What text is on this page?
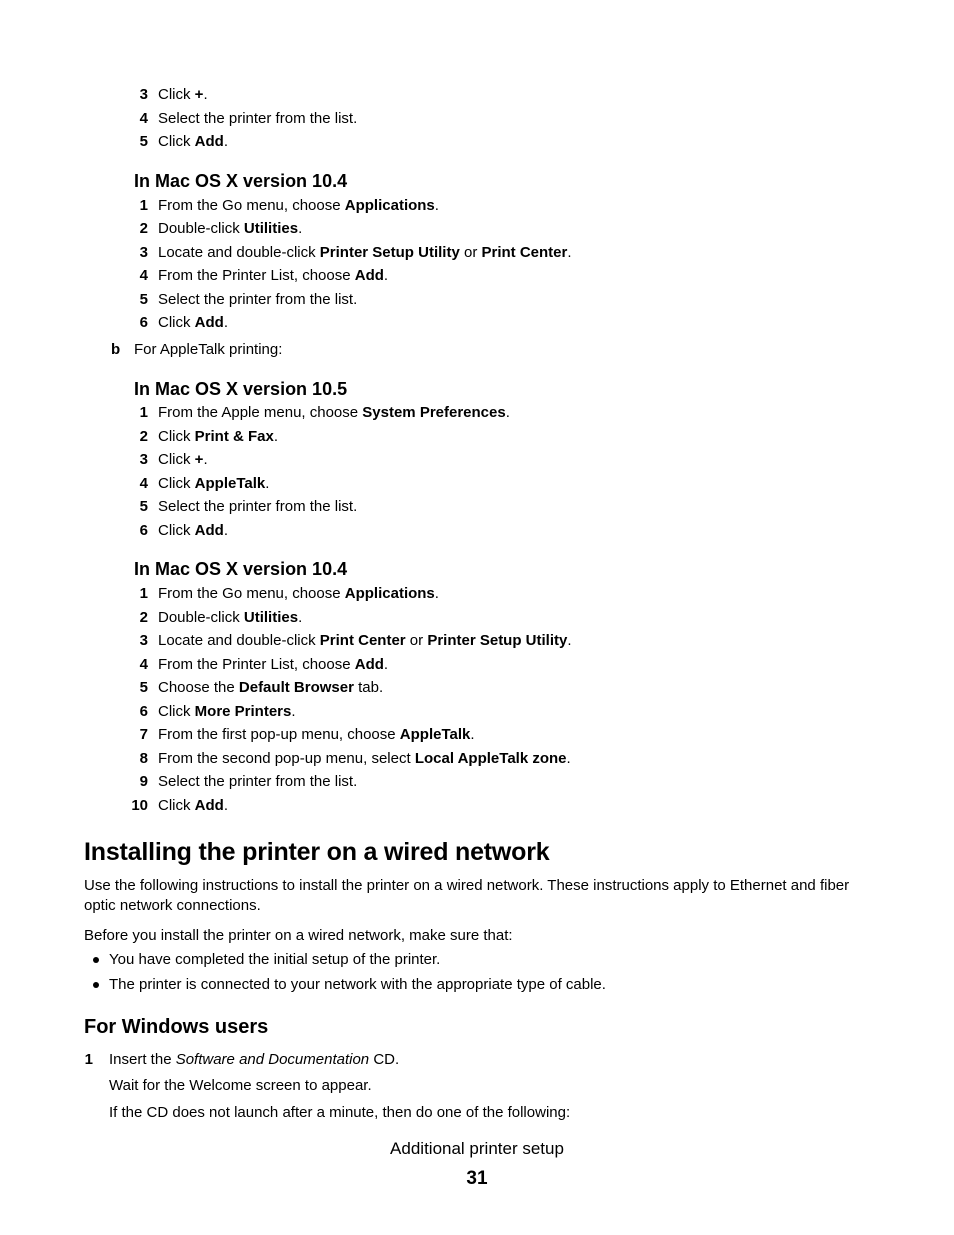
3 Click +.
4 Select the printer from the list.
5 Click Add.
In Mac OS X version 10.4
1 From the Go menu, choose Applications.
2 Double-click Utilities.
3 Locate and double-click Printer Setup Utility or Print Center.
4 From the Printer List, choose Add.
5 Select the printer from the list.
6 Click Add.
b For AppleTalk printing:
In Mac OS X version 10.5
1 From the Apple menu, choose System Preferences.
2 Click Print & Fax.
3 Click +.
4 Click AppleTalk.
5 Select the printer from the list.
6 Click Add.
In Mac OS X version 10.4
1 From the Go menu, choose Applications.
2 Double-click Utilities.
3 Locate and double-click Print Center or Printer Setup Utility.
4 From the Printer List, choose Add.
5 Choose the Default Browser tab.
6 Click More Printers.
7 From the first pop-up menu, choose AppleTalk.
8 From the second pop-up menu, select Local AppleTalk zone.
9 Select the printer from the list.
10 Click Add.
Installing the printer on a wired network
Use the following instructions to install the printer on a wired network. These instructions apply to Ethernet and fiber optic network connections.
Before you install the printer on a wired network, make sure that:
You have completed the initial setup of the printer.
The printer is connected to your network with the appropriate type of cable.
For Windows users
1 Insert the Software and Documentation CD.
Wait for the Welcome screen to appear.
If the CD does not launch after a minute, then do one of the following:
Additional printer setup
31
